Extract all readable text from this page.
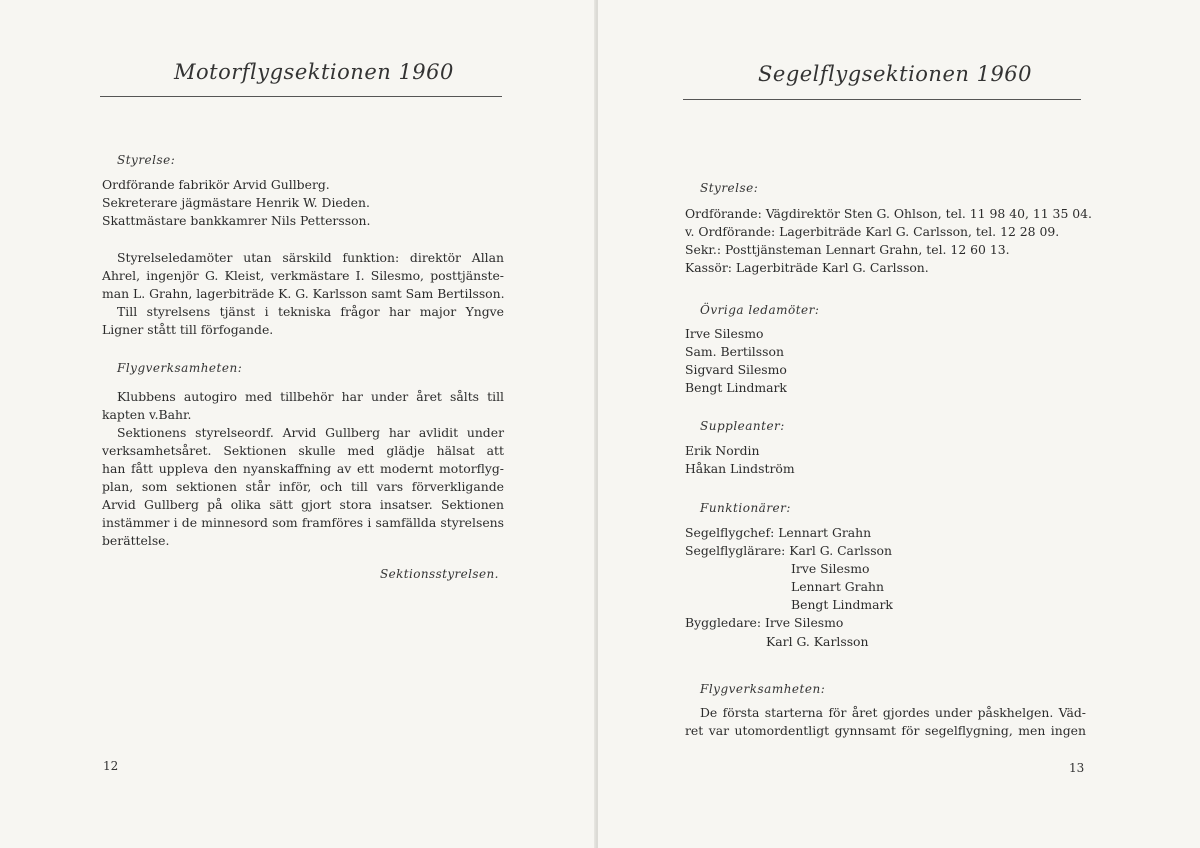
Motorflygsektionen 1960
Styrelse:
Ordförande fabrikör Arvid Gullberg.
Sekreterare jägmästare Henrik W. Dieden.
Skattmästare bankkamrer Nils Pettersson.
Styrelseledamöter utan särskild funktion: direktör Allan
Ahrel, ingenjör G. Kleist, verkmästare I. Silesmo, posttjänste-
man L. Grahn, lagerbiträde K. G. Karlsson samt Sam Bertilsson.
Till styrelsens tjänst i tekniska frågor har major Yngve
Ligner stått till förfogande.
Flygverksamheten:
Klubbens autogiro med tillbehör har under året sålts till
kapten v.Bahr.
Sektionens styrelseordf. Arvid Gullberg har avlidit under
verksamhetsåret. Sektionen skulle med glädje hälsat att
han fått uppleva den nyanskaffning av ett modernt motorflyg-
plan, som sektionen står inför, och till vars förverkligande
Arvid Gullberg på olika sätt gjort stora insatser. Sektionen
instämmer i de minnesord som framföres i samfällda styrelsens
berättelse.
Sektionsstyrelsen.
12
Segelflygsektionen 1960
Styrelse:
Ordförande: Vägdirektör Sten G. Ohlson, tel. 11 98 40, 11 35 04.
v. Ordförande: Lagerbiträde Karl G. Carlsson, tel. 12 28 09.
Sekr.: Posttjänsteman Lennart Grahn, tel. 12 60 13.
Kassör: Lagerbiträde Karl G. Carlsson.
Övriga ledamöter:
Irve Silesmo
Sam. Bertilsson
Sigvard Silesmo
Bengt Lindmark
Suppleanter:
Erik Nordin
Håkan Lindström
Funktionärer:
Segelflygchef: Lennart Grahn
Segelflyglärare: Karl G. Carlsson
Irve Silesmo
Lennart Grahn
Bengt Lindmark
Byggledare: Irve Silesmo
Karl G. Karlsson
Flygverksamheten:
De första starterna för året gjordes under påskhelgen. Väd-
ret var utomordentligt gynnsamt för segelflygning, men ingen
13
